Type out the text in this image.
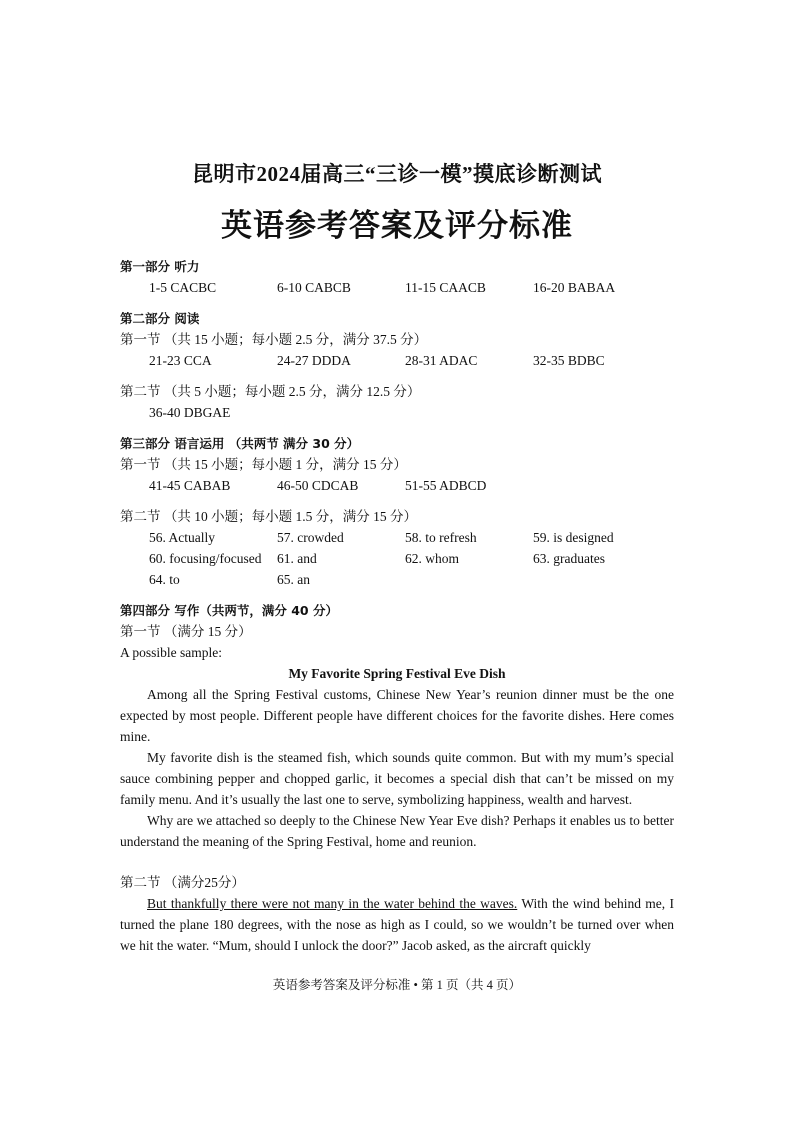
昆明市2024届高三“三诊一模”摸底诊断测试
英语参考答案及评分标准
第一部分 听力
1-5 CACBC	6-10 CABCB	11-15 CAACB	16-20 BABAA
第二部分 阅读
第一节 （共 15 小题；每小题 2.5 分，满分 37.5 分）
21-23 CCA	24-27 DDDA	28-31 ADAC	32-35 BDBC
第二节 （共 5 小题；每小题 2.5 分，满分 12.5 分）
36-40 DBGAE
第三部分 语言运用 （共两节 满分 30 分）
第一节 （共 15 小题；每小题 1 分，满分 15 分）
41-45 CABAB	46-50 CDCAB	51-55 ADBCD
第二节 （共 10 小题；每小题 1.5 分，满分 15 分）
56. Actually	57. crowded	58. to refresh	59. is designed
60. focusing/focused	61. and	62. whom	63. graduates
64. to	65. an
第四部分 写作（共两节，满分 40 分）
第一节 （满分 15 分）
A possible sample:
My Favorite Spring Festival Eve Dish

Among all the Spring Festival customs, Chinese New Year’s reunion dinner must be the one expected by most people. Different people have different choices for the favorite dishes. Here comes mine.

My favorite dish is the steamed fish, which sounds quite common. But with my mum’s special sauce combining pepper and chopped garlic, it becomes a special dish that can’t be missed on my family menu. And it’s usually the last one to serve, symbolizing happiness, wealth and harvest.

Why are we attached so deeply to the Chinese New Year Eve dish? Perhaps it enables us to better understand the meaning of the Spring Festival, home and reunion.

第二节 （满分25分）

But thankfully there were not many in the water behind the waves. With the wind behind me, I turned the plane 180 degrees, with the nose as high as I could, so we wouldn’t be turned over when we hit the water. “Mum, should I unlock the door?” Jacob asked, as the aircraft quickly

英语参考答案及评分标准 • 第 1 页（共 4 页）
